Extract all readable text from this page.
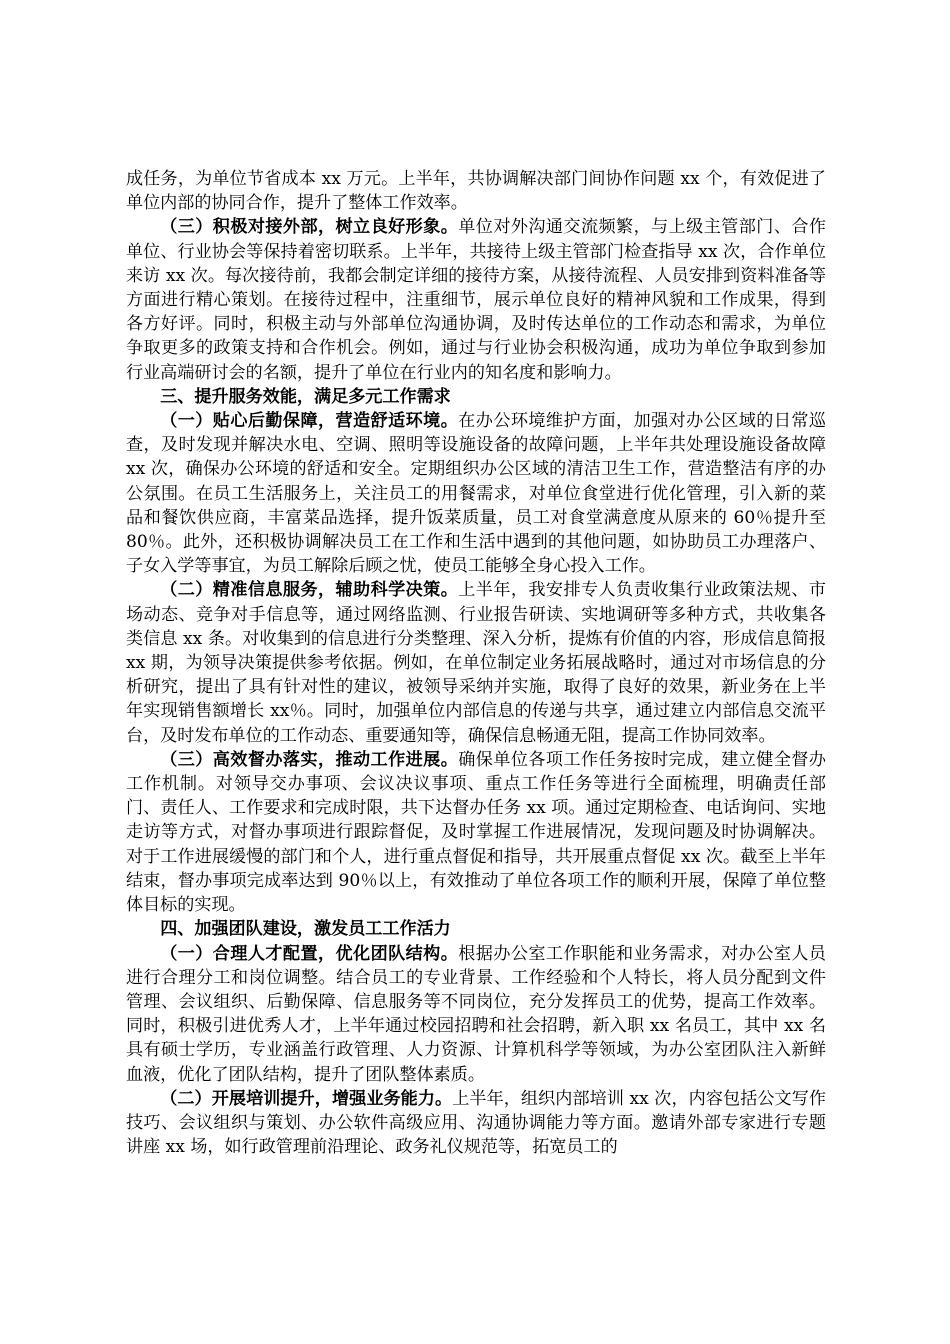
成任务，为单位节省成本 xx 万元。上半年，共协调解决部门间协作问题 xx 个，有效促进了单位内部的协同合作，提升了整体工作效率。

（三）积极对接外部，树立良好形象。单位对外沟通交流频繁，与上级主管部门、合作单位、行业协会等保持着密切联系。上半年，共接待上级主管部门检查指导 xx 次，合作单位来访 xx 次。每次接待前，我都会制定详细的接待方案，从接待流程、人员安排到资料准备等方面进行精心策划。在接待过程中，注重细节，展示单位良好的精神风貌和工作成果，得到各方好评。同时，积极主动与外部单位沟通协调，及时传达单位的工作动态和需求，为单位争取更多的政策支持和合作机会。例如，通过与行业协会积极沟通，成功为单位争取到参加行业高端研讨会的名额，提升了单位在行业内的知名度和影响力。

三、提升服务效能，满足多元工作需求

（一）贴心后勤保障，营造舒适环境。在办公环境维护方面，加强对办公区域的日常巡查，及时发现并解决水电、空调、照明等设施设备的故障问题，上半年共处理设施设备故障 xx 次，确保办公环境的舒适和安全。定期组织办公区域的清洁卫生工作，营造整洁有序的办公氛围。在员工生活服务上，关注员工的用餐需求，对单位食堂进行优化管理，引入新的菜品和餐饮供应商，丰富菜品选择，提升饭菜质量，员工对食堂满意度从原来的 60％提升至 80％。此外，还积极协调解决员工在工作和生活中遇到的其他问题，如协助员工办理落户、子女入学等事宜，为员工解除后顾之忧，使员工能够全身心投入工作。

（二）精准信息服务，辅助科学决策。上半年，我安排专人负责收集行业政策法规、市场动态、竞争对手信息等，通过网络监测、行业报告研读、实地调研等多种方式，共收集各类信息 xx 条。对收集到的信息进行分类整理、深入分析，提炼有价值的内容，形成信息简报 xx 期，为领导决策提供参考依据。例如，在单位制定业务拓展战略时，通过对市场信息的分析研究，提出了具有针对性的建议，被领导采纳并实施，取得了良好的效果，新业务在上半年实现销售额增长 xx％。同时，加强单位内部信息的传递与共享，通过建立内部信息交流平台，及时发布单位的工作动态、重要通知等，确保信息畅通无阻，提高工作协同效率。

（三）高效督办落实，推动工作进展。确保单位各项工作任务按时完成，建立健全督办工作机制。对领导交办事项、会议决议事项、重点工作任务等进行全面梳理，明确责任部门、责任人、工作要求和完成时限，共下达督办任务 xx 项。通过定期检查、电话询问、实地走访等方式，对督办事项进行跟踪督促，及时掌握工作进展情况，发现问题及时协调解决。对于工作进展缓慢的部门和个人，进行重点督促和指导，共开展重点督促 xx 次。截至上半年结束，督办事项完成率达到 90％以上，有效推动了单位各项工作的顺利开展，保障了单位整体目标的实现。

四、加强团队建设，激发员工工作活力

（一）合理人才配置，优化团队结构。根据办公室工作职能和业务需求，对办公室人员进行合理分工和岗位调整。结合员工的专业背景、工作经验和个人特长，将人员分配到文件管理、会议组织、后勤保障、信息服务等不同岗位，充分发挥员工的优势，提高工作效率。同时，积极引进优秀人才，上半年通过校园招聘和社会招聘，新入职 xx 名员工，其中 xx 名具有硕士学历，专业涵盖行政管理、人力资源、计算机科学等领域，为办公室团队注入新鲜血液，优化了团队结构，提升了团队整体素质。

（二）开展培训提升，增强业务能力。上半年，组织内部培训 xx 次，内容包括公文写作技巧、会议组织与策划、办公软件高级应用、沟通协调能力等方面。邀请外部专家进行专题讲座 xx 场，如行政管理前沿理论、政务礼仪规范等，拓宽员工的
